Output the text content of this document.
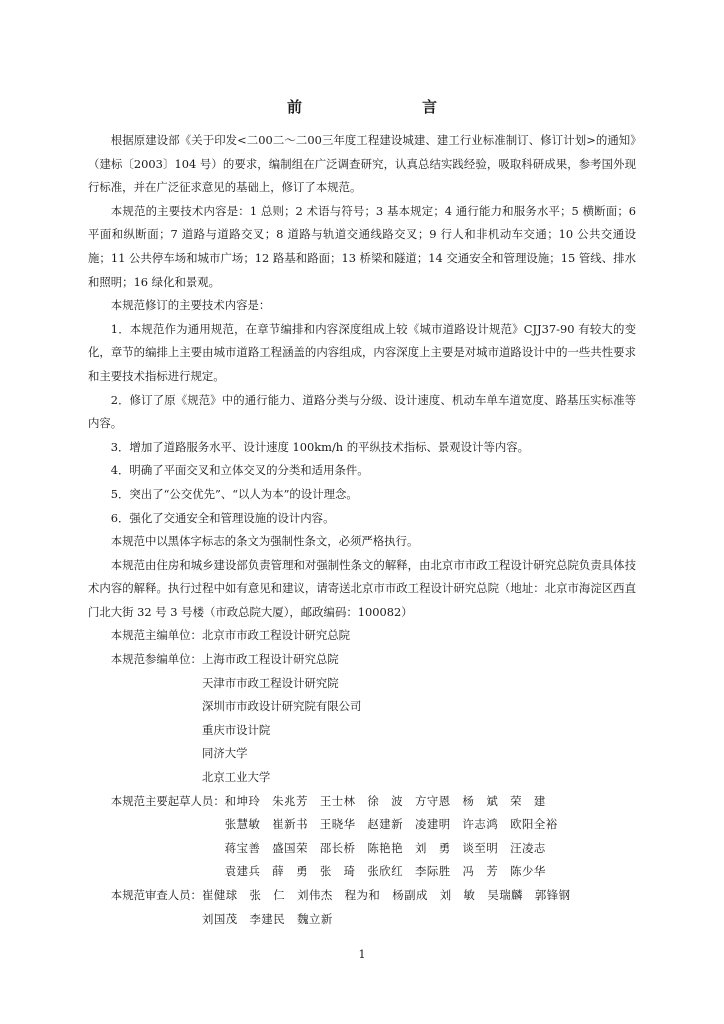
前　　言

根据原建设部《关于印发<二00二～二00三年度工程建设城建、建工行业标准制订、修订计划>的通知》（建标〔2003〕104 号）的要求，编制组在广泛调查研究，认真总结实践经验，吸取科研成果，参考国外现行标准，并在广泛征求意见的基础上，修订了本规范。

本规范的主要技术内容是：1 总则；2 术语与符号；3 基本规定；4 通行能力和服务水平；5 横断面；6 平面和纵断面；7 道路与道路交叉；8 道路与轨道交通线路交叉；9 行人和非机动车交通；10 公共交通设施；11 公共停车场和城市广场；12 路基和路面；13 桥梁和隧道；14 交通安全和管理设施；15 管线、排水和照明；16 绿化和景观。

本规范修订的主要技术内容是：

1．本规范作为通用规范，在章节编排和内容深度组成上较《城市道路设计规范》CJJ37-90 有较大的变化，章节的编排上主要由城市道路工程涵盖的内容组成，内容深度上主要是对城市道路设计中的一些共性要求和主要技术指标进行规定。

2．修订了原《规范》中的通行能力、道路分类与分级、设计速度、机动车单车道宽度、路基压实标准等内容。

3．增加了道路服务水平、设计速度 100km/h 的平纵技术指标、景观设计等内容。

4．明确了平面交叉和立体交叉的分类和适用条件。

5．突出了“公交优先”、“以人为本”的设计理念。

6．强化了交通安全和管理设施的设计内容。

本规范中以黑体字标志的条文为强制性条文，必须严格执行。

本规范由住房和城乡建设部负责管理和对强制性条文的解释，由北京市市政工程设计研究总院负责具体技术内容的解释。执行过程中如有意见和建议，请寄送北京市市政工程设计研究总院（地址：北京市海淀区西直门北大街 32 号 3 号楼（市政总院大厦），邮政编码：100082）

本规范主编单位： 北京市市政工程设计研究总院
本规范参编单位： 上海市政工程设计研究总院
天津市市政工程设计研究院
深圳市市政设计研究院有限公司
重庆市设计院
同济大学
北京工业大学
本规范主要起草人员： 和坤玲　朱兆芳　王士林　徐　波　方守恩　杨　斌　荣　建
张慧敏　崔新书　王晓华　赵建新　凌建明　许志鸿　欧阳全裕
蒋宝善　盛国荣　邵长桥　陈艳艳　刘　勇　谈至明　汪凌志
袁建兵　薛　勇　张　琦　张欣红　李际胜　冯　芳　陈少华
本规范审查人员： 崔健球　张　仁　刘伟杰　程为和　杨副成　刘　敏　吴瑞麟　郭锋钢
刘国茂　李建民　魏立新
1
